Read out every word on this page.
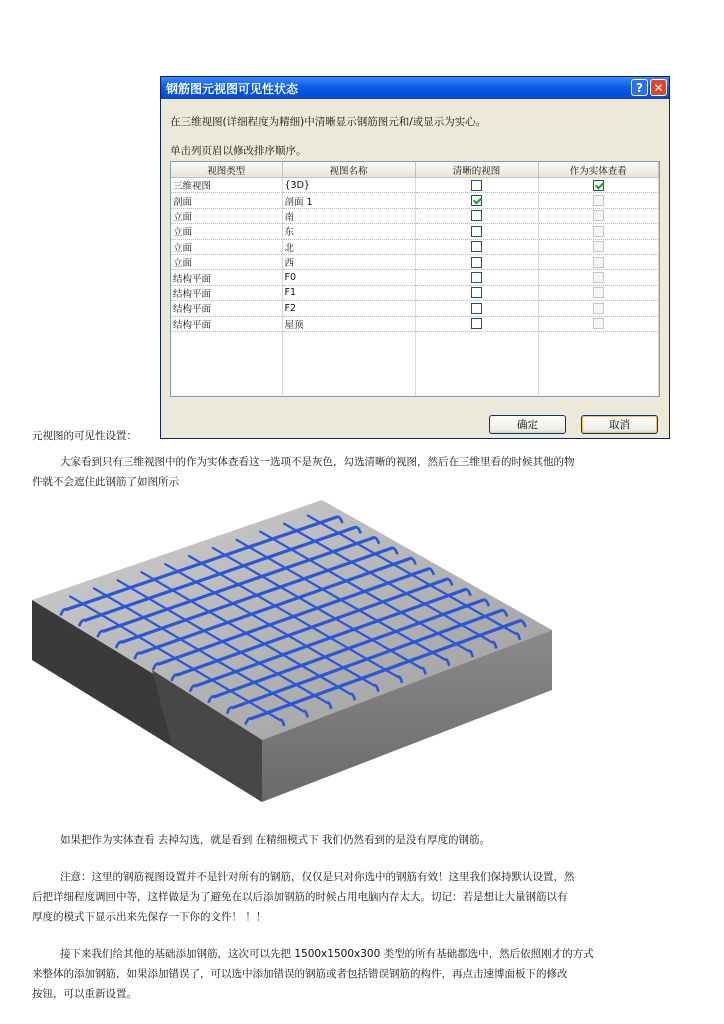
钢筋图元视图可见性状态	? ✕
在三维视图(详细程度为精细)中清晰显示钢筋图元和/或显示为实心。
单击列页眉以修改排序顺序。
视图类型	视图名称	清晰的视图	作为实体查看
三维视图	{3D}		
剖面	剖面 1		
立面	南		
立面	东		
立面	北		
立面	西		
结构平面	F0		
结构平面	F1		
结构平面	F2		
结构平面	屋顶		

确定	取消
元视图的可见性设置：
大家看到只有三维视图中的作为实体查看这一选项不是灰色，勾选清晰的视图，然后在三维里看的时候其他的物
件就不会遮住此钢筋了如图所示
如果把作为实体查看 去掉勾选，就是看到 在精细模式下 我们仍然看到的是没有厚度的钢筋。
注意：这里的钢筋视图设置并不是针对所有的钢筋，仅仅是只对你选中的钢筋有效！这里我们保持默认设置，然
后把详细程度调回中等，这样做是为了避免在以后添加钢筋的时候占用电脑内存太大。切记：若是想让大量钢筋以有
厚度的模式下显示出来先保存一下你的文件！ ！！
接下来我们给其他的基础添加钢筋，这次可以先把 1500x1500x300 类型的所有基础都选中，然后依照刚才的方式
来整体的添加钢筋，如果添加错误了，可以选中添加错误的钢筋或者包括错误钢筋的构件，再点击速博面板下的修改
按钮，可以重新设置。
